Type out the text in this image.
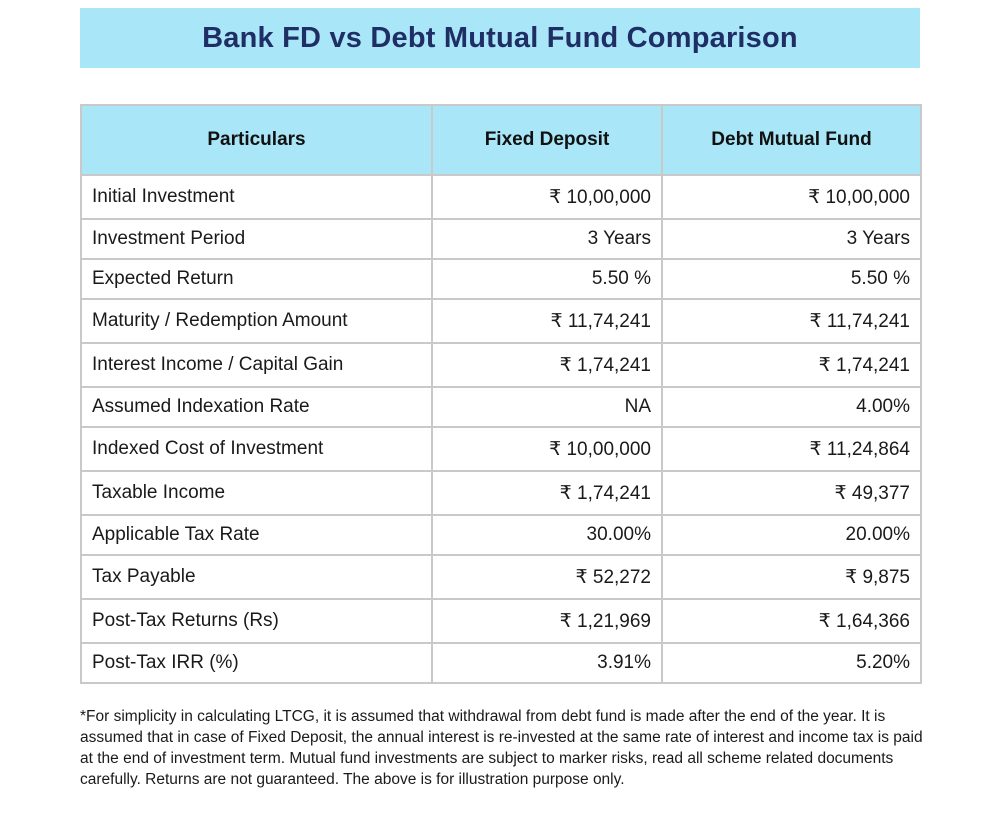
Bank FD vs Debt Mutual Fund Comparison
Particulars	Fixed Deposit	Debt Mutual Fund
Initial Investment	₹ 10,00,000	₹ 10,00,000
Investment Period	3 Years	3 Years
Expected Return	5.50 %	5.50 %
Maturity / Redemption Amount	₹ 11,74,241	₹ 11,74,241
Interest Income / Capital Gain	₹ 1,74,241	₹ 1,74,241
Assumed Indexation Rate	NA	4.00%
Indexed Cost of Investment	₹ 10,00,000	₹ 11,24,864
Taxable Income	₹ 1,74,241	₹ 49,377
Applicable Tax Rate	30.00%	20.00%
Tax Payable	₹ 52,272	₹ 9,875
Post-Tax Returns (Rs)	₹ 1,21,969	₹ 1,64,366
Post-Tax IRR (%)	3.91%	5.20%

*For simplicity in calculating LTCG, it is assumed that withdrawal from debt fund is made after the end of the year. It is assumed that in case of Fixed Deposit, the annual interest is re-invested at the same rate of interest and income tax is paid at the end of investment term. Mutual fund investments are subject to marker risks, read all scheme related documents carefully. Returns are not guaranteed. The above is for illustration purpose only.
